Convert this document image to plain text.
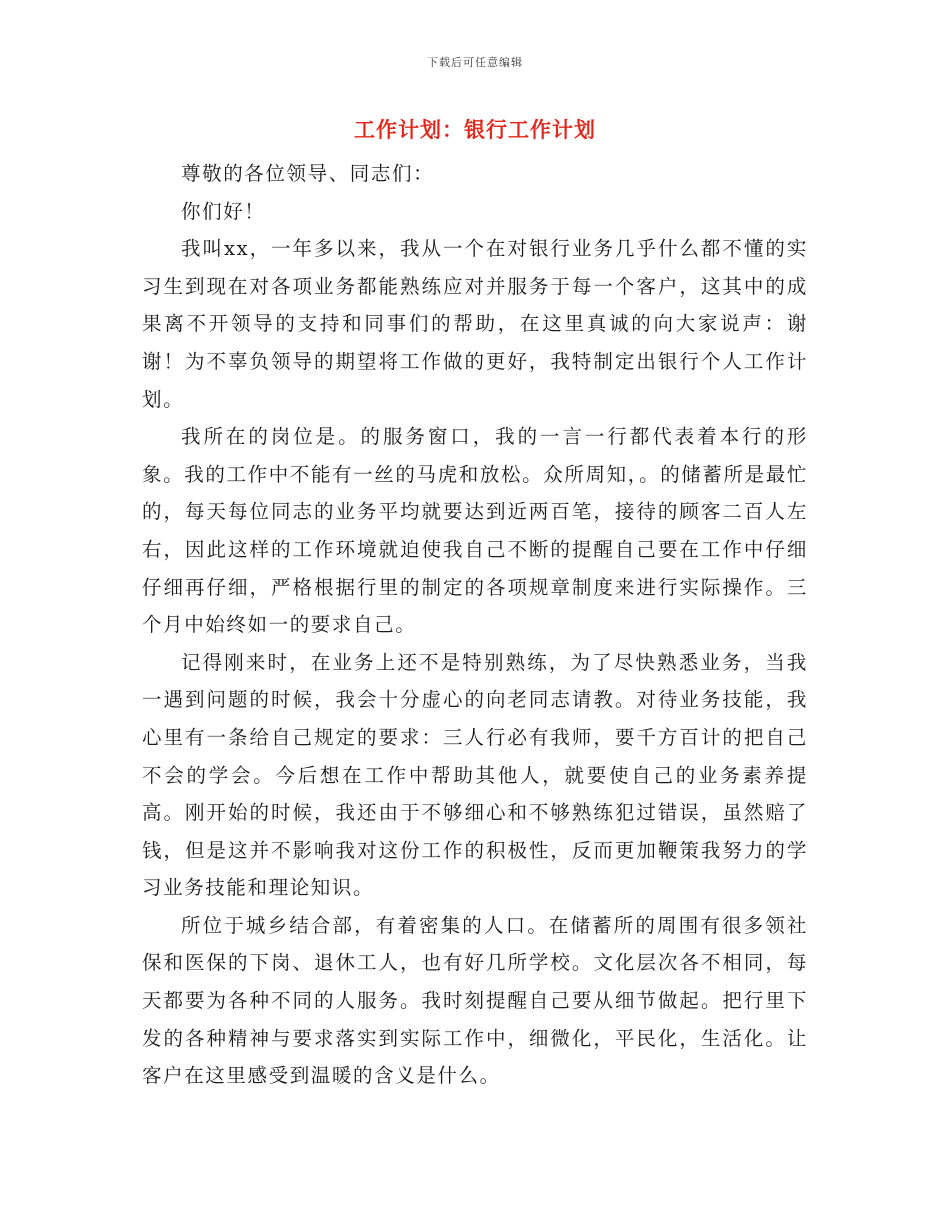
下载后可任意编辑
工作计划：银行工作计划

尊敬的各位领导、同志们：

你们好！

我叫xx，一年多以来，我从一个在对银行业务几乎什么都不懂的实习生到现在对各项业务都能熟练应对并服务于每一个客户，这其中的成果离不开领导的支持和同事们的帮助，在这里真诚的向大家说声：谢谢！为不辜负领导的期望将工作做的更好，我特制定出银行个人工作计划。

我所在的岗位是。的服务窗口，我的一言一行都代表着本行的形象。我的工作中不能有一丝的马虎和放松。众所周知，。的储蓄所是最忙的，每天每位同志的业务平均就要达到近两百笔，接待的顾客二百人左右，因此这样的工作环境就迫使我自己不断的提醒自己要在工作中仔细仔细再仔细，严格根据行里的制定的各项规章制度来进行实际操作。三个月中始终如一的要求自己。

记得刚来时，在业务上还不是特别熟练，为了尽快熟悉业务，当我一遇到问题的时候，我会十分虚心的向老同志请教。对待业务技能，我心里有一条给自己规定的要求：三人行必有我师，要千方百计的把自己不会的学会。今后想在工作中帮助其他人，就要使自己的业务素养提高。刚开始的时候，我还由于不够细心和不够熟练犯过错误，虽然赔了钱，但是这并不影响我对这份工作的积极性，反而更加鞭策我努力的学习业务技能和理论知识。

所位于城乡结合部，有着密集的人口。在储蓄所的周围有很多领社保和医保的下岗、退休工人，也有好几所学校。文化层次各不相同，每天都要为各种不同的人服务。我时刻提醒自己要从细节做起。把行里下发的各种精神与要求落实到实际工作中，细微化，平民化，生活化。让客户在这里感受到温暖的含义是什么。
